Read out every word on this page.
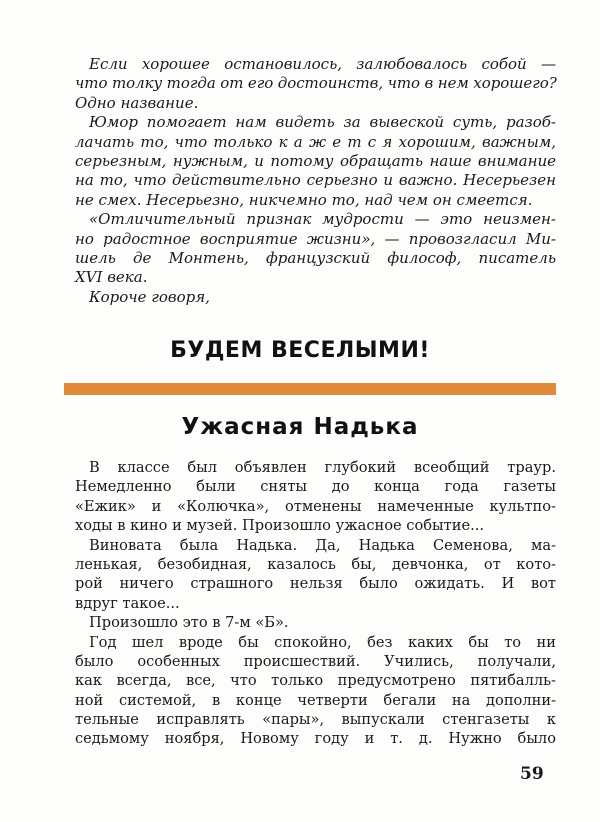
Если хорошее остановилось, залюбовалось собой —
что толку тогда от его достоинств, что в нем хорошего?
Одно название.
Юмор помогает нам видеть за вывеской суть, разоб-
лачать то, что только к а ж е т с я хорошим, важным,
серьезным, нужным, и потому обращать наше внимание
на то, что действительно серьезно и важно. Несерьезен
не смех. Несерьезно, никчемно то, над чем он смеется.
«Отличительный признак мудрости — это неизмен-
но радостное восприятие жизни», — провозгласил Ми-
шель де Монтень, французский философ, писатель
XVI века.
Короче говоря,
БУДЕМ ВЕСЕЛЫМИ!
Ужасная Надька
В классе был объявлен глубокий всеобщий траур.
Немедленно были сняты до конца года газеты
«Ежик» и «Колючка», отменены намеченные культпо-
ходы в кино и музей. Произошло ужасное событие...
Виновата была Надька. Да, Надька Семенова, ма-
ленькая, безобидная, казалось бы, девчонка, от кото-
рой ничего страшного нельзя было ожидать. И вот
вдруг такое...
Произошло это в 7-м «Б».
Год шел вроде бы спокойно, без каких бы то ни
было особенных происшествий. Учились, получали,
как всегда, все, что только предусмотрено пятибалль-
ной системой, в конце четверти бегали на дополни-
тельные исправлять «пары», выпускали стенгазеты к
седьмому ноября, Новому году и т. д. Нужно было
59
